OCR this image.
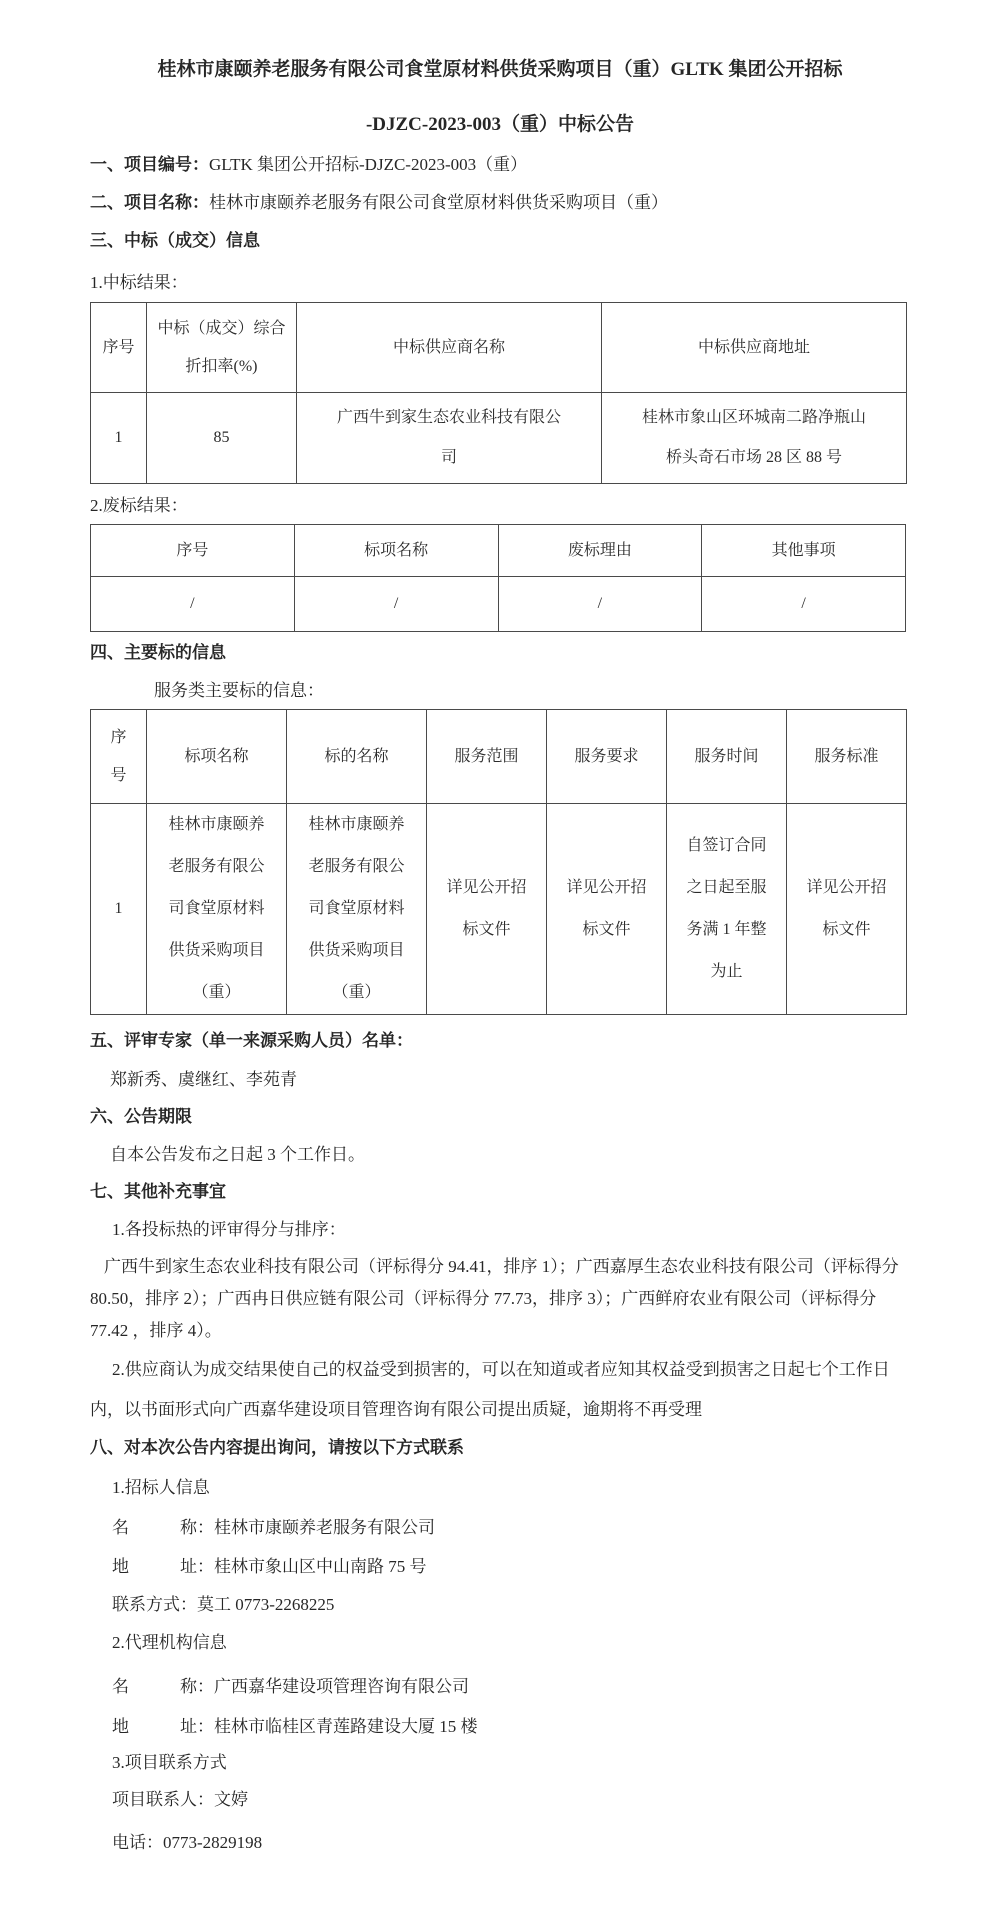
桂林市康颐养老服务有限公司食堂原材料供货采购项目（重）GLTK 集团公开招标
-DJZC-2023-003（重）中标公告
一、项目编号：GLTK 集团公开招标-DJZC-2023-003（重）
二、项目名称：桂林市康颐养老服务有限公司食堂原材料供货采购项目（重）
三、中标（成交）信息
1.中标结果：
序号	中标（成交）综合折扣率(%)	中标供应商名称	中标供应商地址
1	85	广西牛到家生态农业科技有限公司	桂林市象山区环城南二路净瓶山桥头奇石市场 28 区 88 号
2.废标结果：
序号	标项名称	废标理由	其他事项
/	/	/	/
四、主要标的信息
服务类主要标的信息：
序号	标项名称	标的名称	服务范围	服务要求	服务时间	服务标准
1	桂林市康颐养老服务有限公司食堂原材料供货采购项目（重）	桂林市康颐养老服务有限公司食堂原材料供货采购项目（重）	详见公开招标文件	详见公开招标文件	自签订合同之日起至服务满 1 年整为止	详见公开招标文件
五、评审专家（单一来源采购人员）名单：
郑新秀、虞继红、李苑青
六、公告期限
自本公告发布之日起 3 个工作日。
七、其他补充事宜
1.各投标热的评审得分与排序：
广西牛到家生态农业科技有限公司（评标得分 94.41，排序 1）；广西嘉厚生态农业科技有限公司（评标得分 80.50，排序 2）；广西冉日供应链有限公司（评标得分 77.73，排序 3）；广西鲜府农业有限公司（评标得分 77.42 ，排序 4）。
2.供应商认为成交结果使自己的权益受到损害的，可以在知道或者应知其权益受到损害之日起七个工作日内，以书面形式向广西嘉华建设项目管理咨询有限公司提出质疑，逾期将不再受理
八、对本次公告内容提出询问，请按以下方式联系
1.招标人信息
名　　　称：桂林市康颐养老服务有限公司
地　　　址：桂林市象山区中山南路 75 号
联系方式：莫工 0773-2268225
2.代理机构信息
名　　　称：广西嘉华建设项管理咨询有限公司
地　　　址：桂林市临桂区青莲路建设大厦 15 楼
3.项目联系方式
项目联系人：文婷
电话：0773-2829198
